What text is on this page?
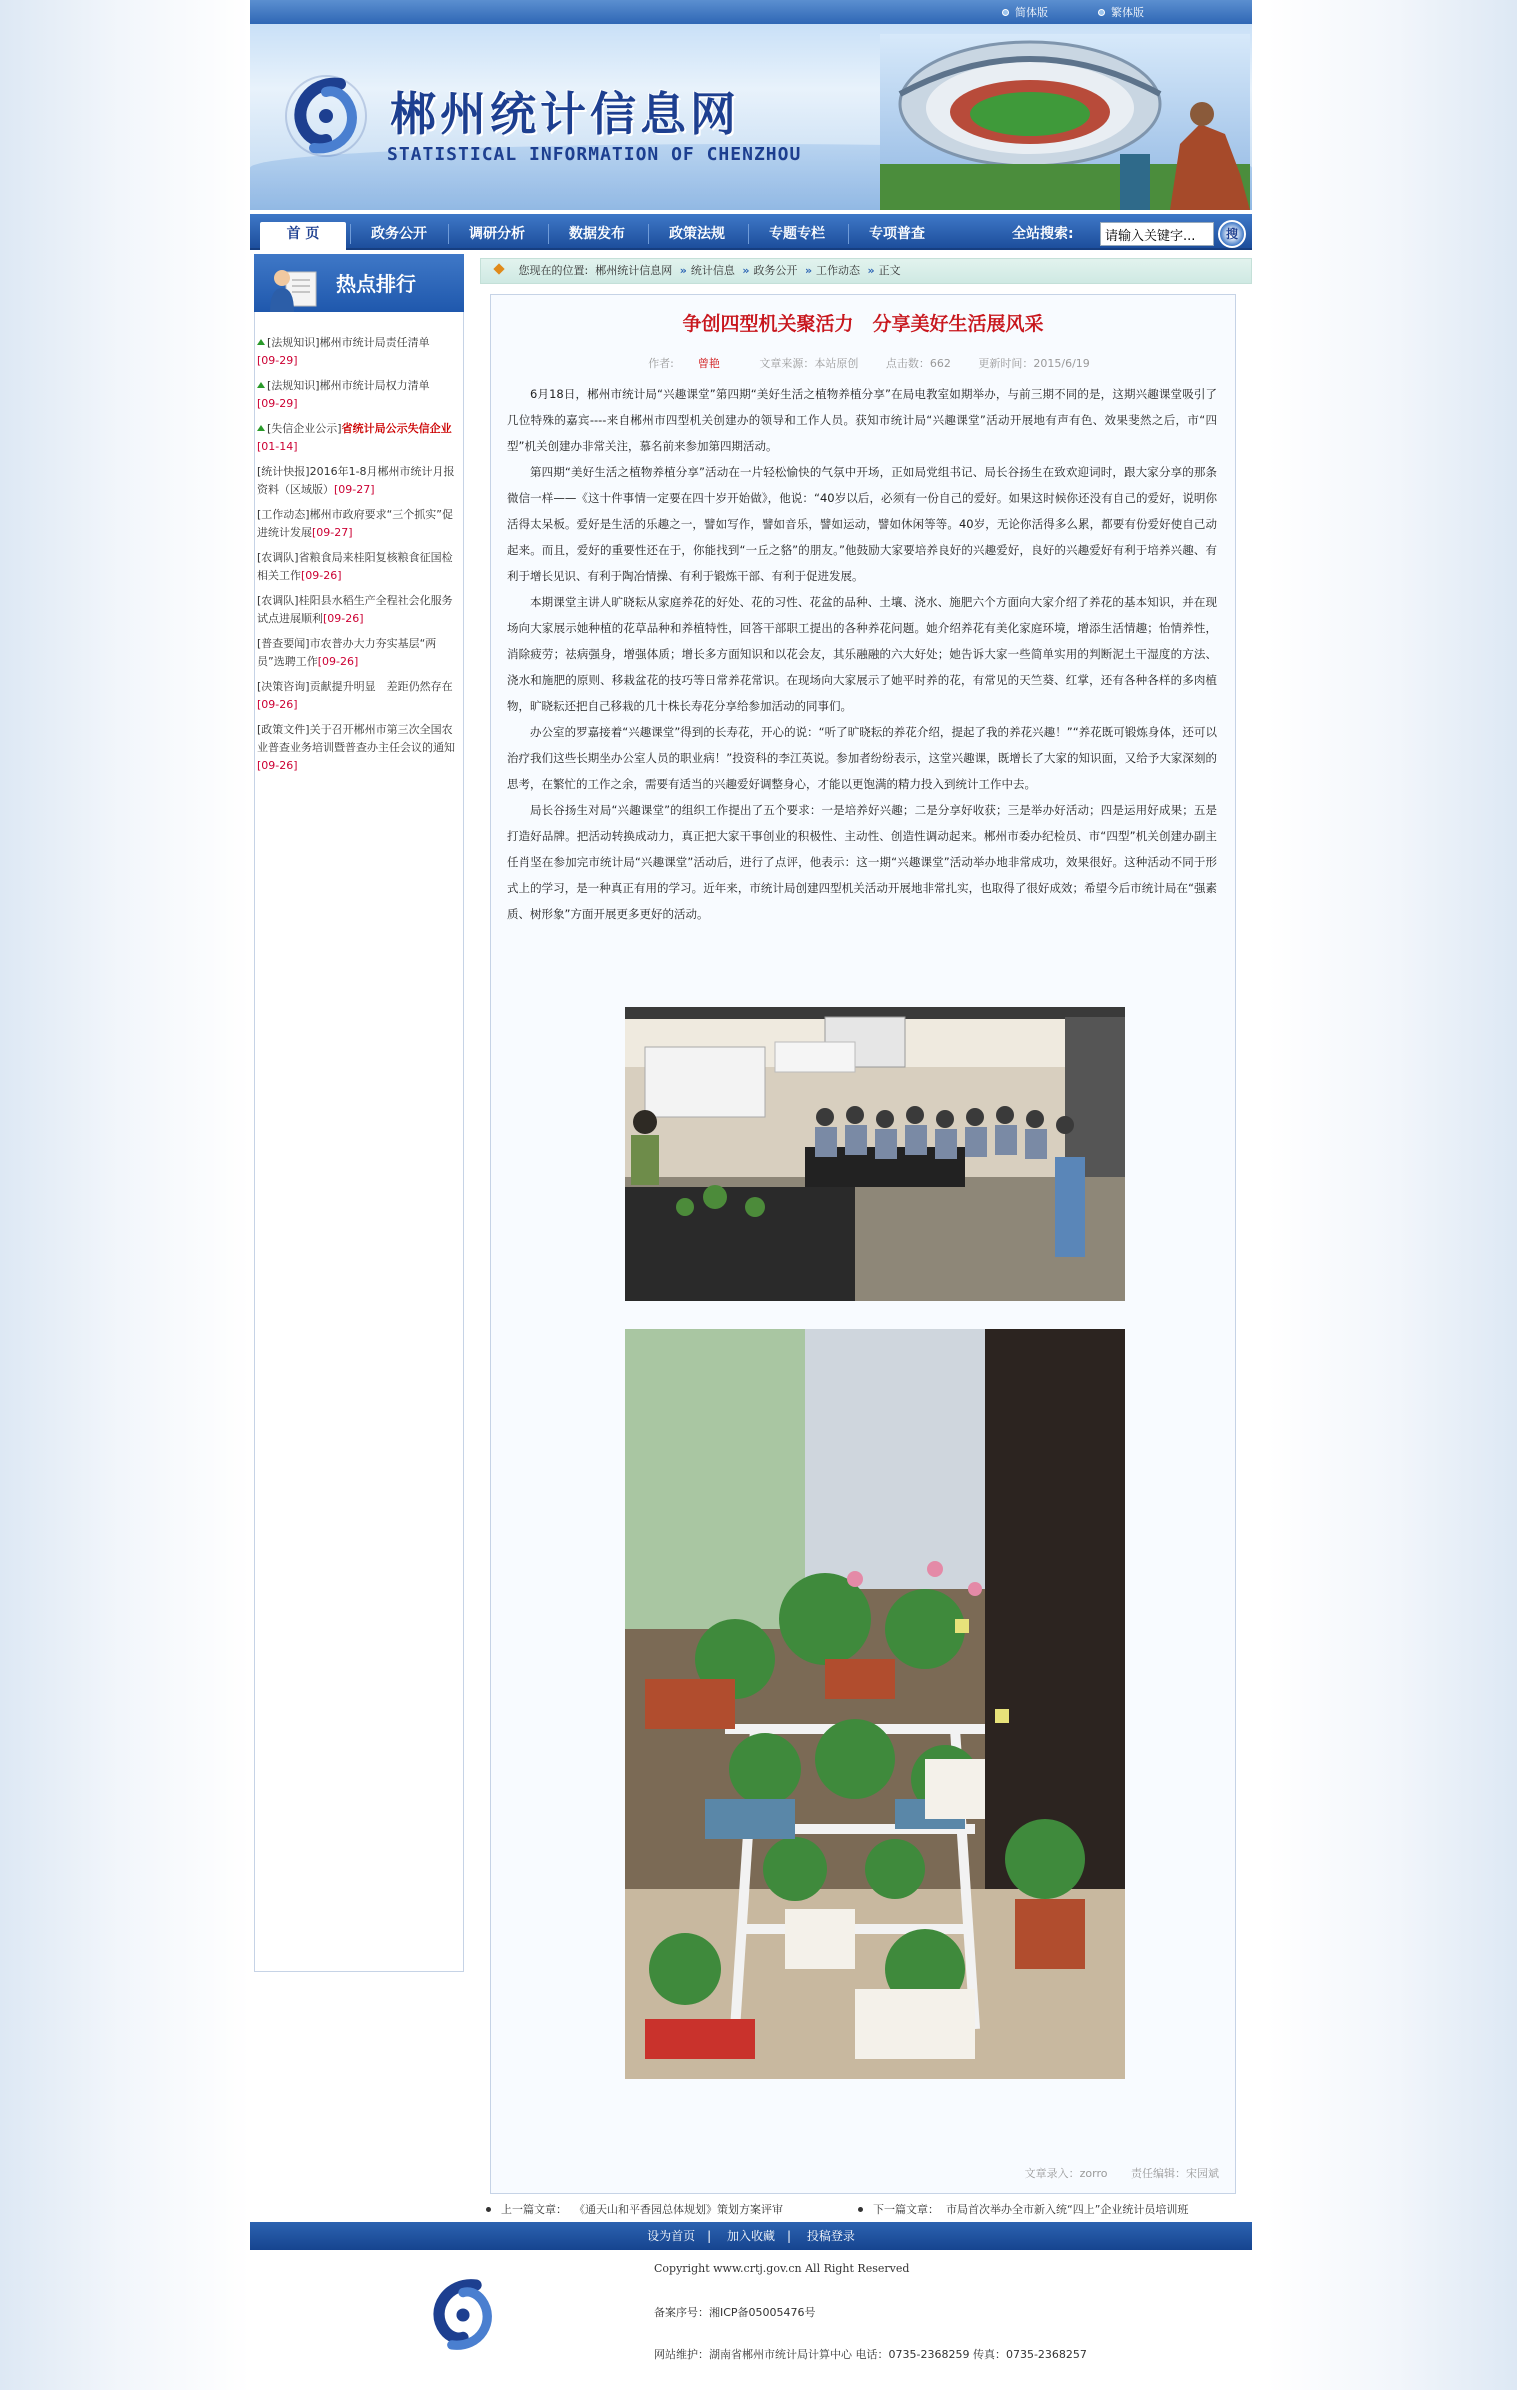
简体版	繁体版
郴州统计信息网
STATISTICAL INFORMATION OF CHENZHOU
首 页	政务公开	调研分析	数据发布	政策法规	专题专栏	专项普查	全站搜索:
请输入关键字...	搜
热点排行
[法规知识]郴州市统计局责任清单
[09-29]
[法规知识]郴州市统计局权力清单
[09-29]
[失信企业公示]省统计局公示失信企业[01-14]
[统计快报]2016年1-8月郴州市统计月报资料（区域版）[09-27]
[工作动态]郴州市政府要求“三个抓实”促进统计发展[09-27]
[农调队]省粮食局来桂阳复核粮食征国检相关工作[09-26]
[农调队]桂阳县水稻生产全程社会化服务试点进展顺利[09-26]
[普查要闻]市农普办大力夯实基层“两员”选聘工作[09-26]
[决策咨询]贡献提升明显　差距仍然存在[09-26]
[政策文件]关于召开郴州市第三次全国农业普查业务培训暨普查办主任会议的通知[09-26]
您现在的位置: 郴州统计信息网 » 统计信息 » 政务公开 » 工作动态 » 正文
争创四型机关聚活力　分享美好生活展风采
作者: 曾艳	文章来源：本站原创	点击数：662	更新时间：2015/6/19

6月18日，郴州市统计局“兴趣课堂”第四期“美好生活之植物养植分享”在局电教室如期举办，与前三期不同的是，这期兴趣课堂吸引了几位特殊的嘉宾----来自郴州市四型机关创建办的领导和工作人员。获知市统计局“兴趣课堂”活动开展地有声有色、效果斐然之后，市“四型”机关创建办非常关注，慕名前来参加第四期活动。

第四期“美好生活之植物养植分享”活动在一片轻松愉快的气氛中开场，正如局党组书记、局长谷扬生在致欢迎词时，跟大家分享的那条微信一样——《这十件事情一定要在四十岁开始做》，他说：“40岁以后，必须有一份自己的爱好。如果这时候你还没有自己的爱好，说明你活得太呆板。爱好是生活的乐趣之一，譬如写作，譬如音乐，譬如运动，譬如休闲等等。40岁，无论你活得多么累，都要有份爱好使自己动起来。而且，爱好的重要性还在于，你能找到“一丘之貉”的朋友。”他鼓励大家要培养良好的兴趣爱好，良好的兴趣爱好有利于培养兴趣、有利于增长见识、有利于陶冶情操、有利于锻炼干部、有利于促进发展。

本期课堂主讲人旷晓耘从家庭养花的好处、花的习性、花盆的品种、土壤、浇水、施肥六个方面向大家介绍了养花的基本知识，并在现场向大家展示她种植的花草品种和养植特性，回答干部职工提出的各种养花问题。她介绍养花有美化家庭环境，增添生活情趣；怡情养性，消除疲劳；祛病强身，增强体质；增长多方面知识和以花会友，其乐融融的六大好处；她告诉大家一些简单实用的判断泥土干湿度的方法、浇水和施肥的原则、移栽盆花的技巧等日常养花常识。在现场向大家展示了她平时养的花，有常见的天竺葵、红掌，还有各种各样的多肉植物，旷晓耘还把自己移栽的几十株长寿花分享给参加活动的同事们。

办公室的罗嘉接着“兴趣课堂”得到的长寿花，开心的说：“听了旷晓耘的养花介绍，提起了我的养花兴趣！”“养花既可锻炼身体，还可以治疗我们这些长期坐办公室人员的职业病！”投资科的李江英说。参加者纷纷表示，这堂兴趣课，既增长了大家的知识面，又给予大家深刻的思考，在繁忙的工作之余，需要有适当的兴趣爱好调整身心，才能以更饱满的精力投入到统计工作中去。

局长谷扬生对局“兴趣课堂”的组织工作提出了五个要求：一是培养好兴趣；二是分享好收获；三是举办好活动；四是运用好成果；五是打造好品牌。把活动转换成动力，真正把大家干事创业的积极性、主动性、创造性调动起来。郴州市委办纪检员、市“四型”机关创建办副主任肖坚在参加完市统计局“兴趣课堂”活动后，进行了点评，他表示：这一期“兴趣课堂”活动举办地非常成功，效果很好。这种活动不同于形式上的学习，是一种真正有用的学习。近年来，市统计局创建四型机关活动开展地非常扎实，也取得了很好成效；希望今后市统计局在“强素质、树形象”方面开展更多更好的活动。

文章录入：zorro 责任编辑：宋园斌
上一篇文章： 《通天山和平香园总体规划》策划方案评审	下一篇文章： 市局首次举办全市新入统“四上”企业统计员培训班
设为首页 | 加入收藏 | 投稿登录
Copyright www.crtj.gov.cn All Right Reserved
备案序号：湘ICP备05005476号
网站维护：湖南省郴州市统计局计算中心 电话：0735-2368259 传真：0735-2368257
